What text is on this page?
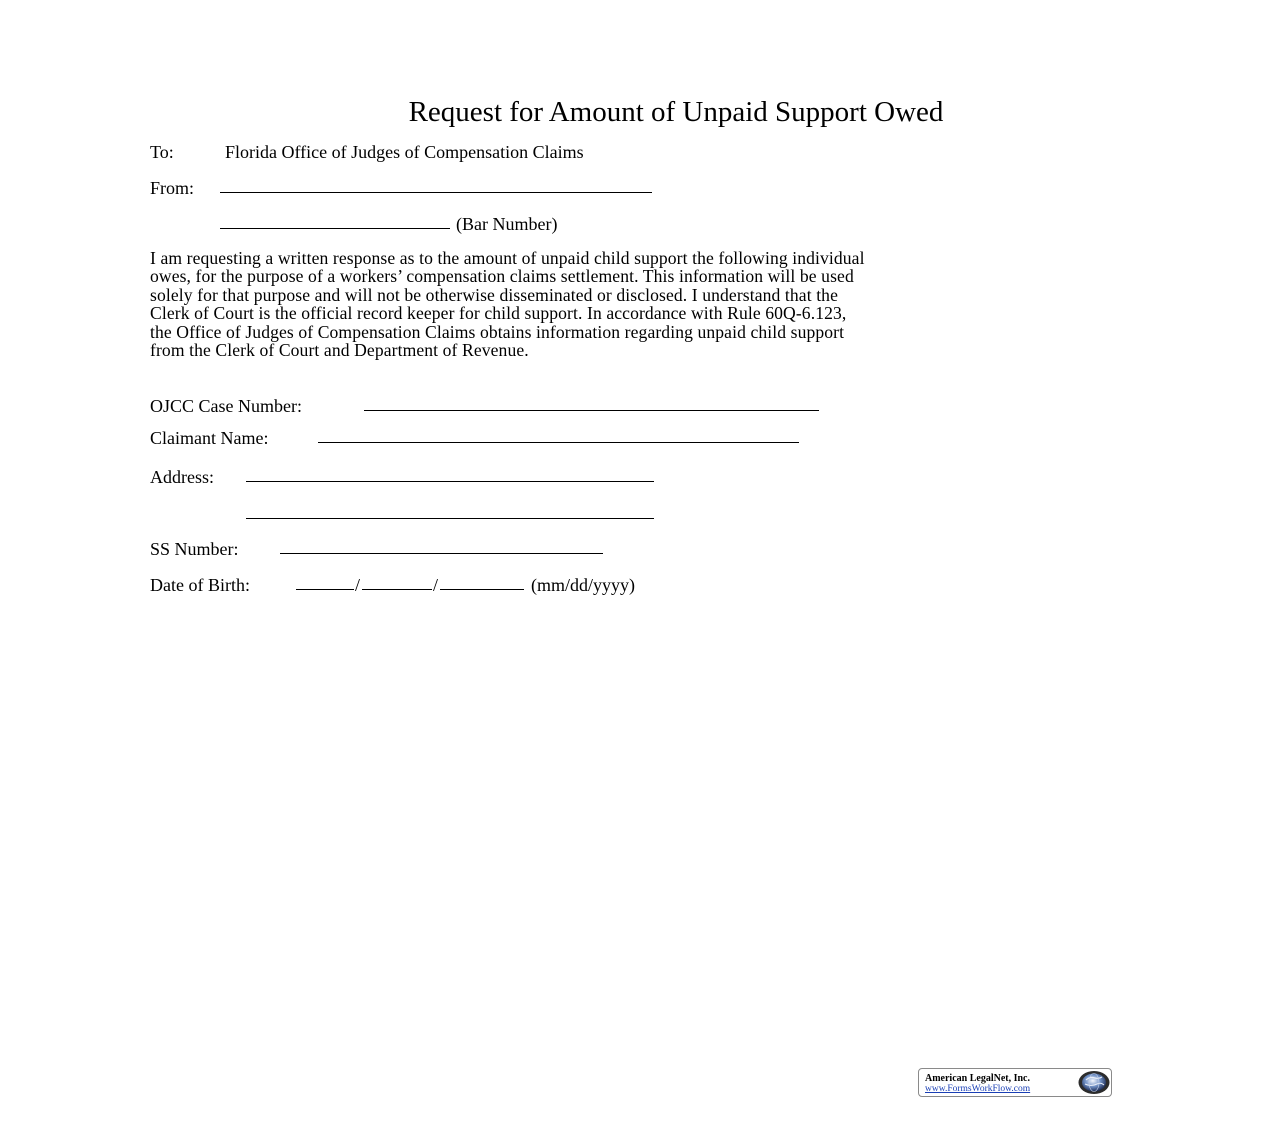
Request for Amount of Unpaid Support Owed
To:	Florida Office of Judges of Compensation Claims
From:
(Bar Number)
I am requesting a written response as to the amount of unpaid child support the following individual
owes, for the purpose of a workers’ compensation claims settlement. This information will be used
solely for that purpose and will not be otherwise disseminated or disclosed. I understand that the
Clerk of Court is the official record keeper for child support. In accordance with Rule 60Q-6.123,
the Office of Judges of Compensation Claims obtains information regarding unpaid child support
from the Clerk of Court and Department of Revenue.
OJCC Case Number:
Claimant Name:
Address:
SS Number:
Date of Birth:	/	/	(mm/dd/yyyy)
American LegalNet, Inc.
www.FormsWorkFlow.com
